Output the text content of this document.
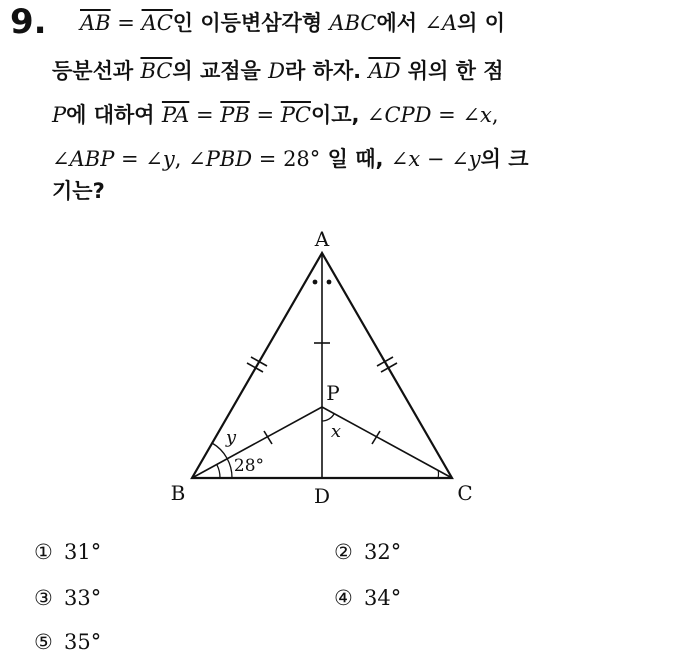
9. $\overline{AB} = \overline{AC}$인 이등변삼각형 ABC에서 ∠A의 이
등분선과 $\overline{BC}$의 교점을 D라 하자. $\overline{AD}$ 위의 한 점
P에 대하여 $\overline{PA} = \overline{PB} = \overline{PC}$이고, ∠CPD = ∠x,
∠ABP = ∠y, ∠PBD = 28° 일 때, ∠x − ∠y의 크
기는?
A
B	C
D
P
x
y
28°
① 31°	② 32°
③ 33°	④ 34°
⑤ 35°
